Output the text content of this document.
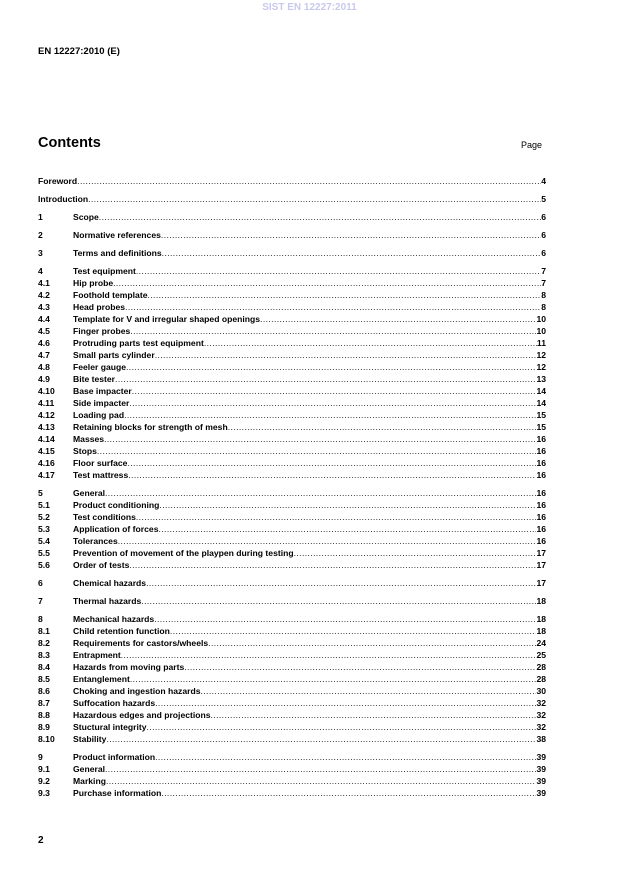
SIST EN 12227:2011
EN 12227:2010 (E)
Contents	Page
Foreword .....	4
Introduction .....	5
1	Scope .....	6
2	Normative references .....	6
3	Terms and definitions .....	6
4	Test equipment .....	7
4.1	Hip probe .....	7
4.2	Foothold template .....	8
4.3	Head probes .....	8
4.4	Template for V and irregular shaped openings .....	10
4.5	Finger probes .....	10
4.6	Protruding parts test equipment .....	11
4.7	Small parts cylinder .....	12
4.8	Feeler gauge .....	12
4.9	Bite tester .....	13
4.10	Base impacter .....	14
4.11	Side impacter .....	14
4.12	Loading pad .....	15
4.13	Retaining blocks for strength of mesh .....	15
4.14	Masses .....	16
4.15	Stops .....	16
4.16	Floor surface .....	16
4.17	Test mattress .....	16
5	General .....	16
5.1	Product conditioning .....	16
5.2	Test conditions .....	16
5.3	Application of forces .....	16
5.4	Tolerances .....	16
5.5	Prevention of movement of the playpen during testing .....	17
5.6	Order of tests .....	17
6	Chemical hazards .....	17
7	Thermal hazards .....	18
8	Mechanical hazards .....	18
8.1	Child retention function .....	18
8.2	Requirements for castors/wheels .....	24
8.3	Entrapment .....	25
8.4	Hazards from moving parts .....	28
8.5	Entanglement .....	28
8.6	Choking and ingestion hazards .....	30
8.7	Suffocation hazards .....	32
8.8	Hazardous edges and projections .....	32
8.9	Stuctural integrity .....	32
8.10	Stability .....	38
9	Product information .....	39
9.1	General .....	39
9.2	Marking .....	39
9.3	Purchase information .....	39
2
